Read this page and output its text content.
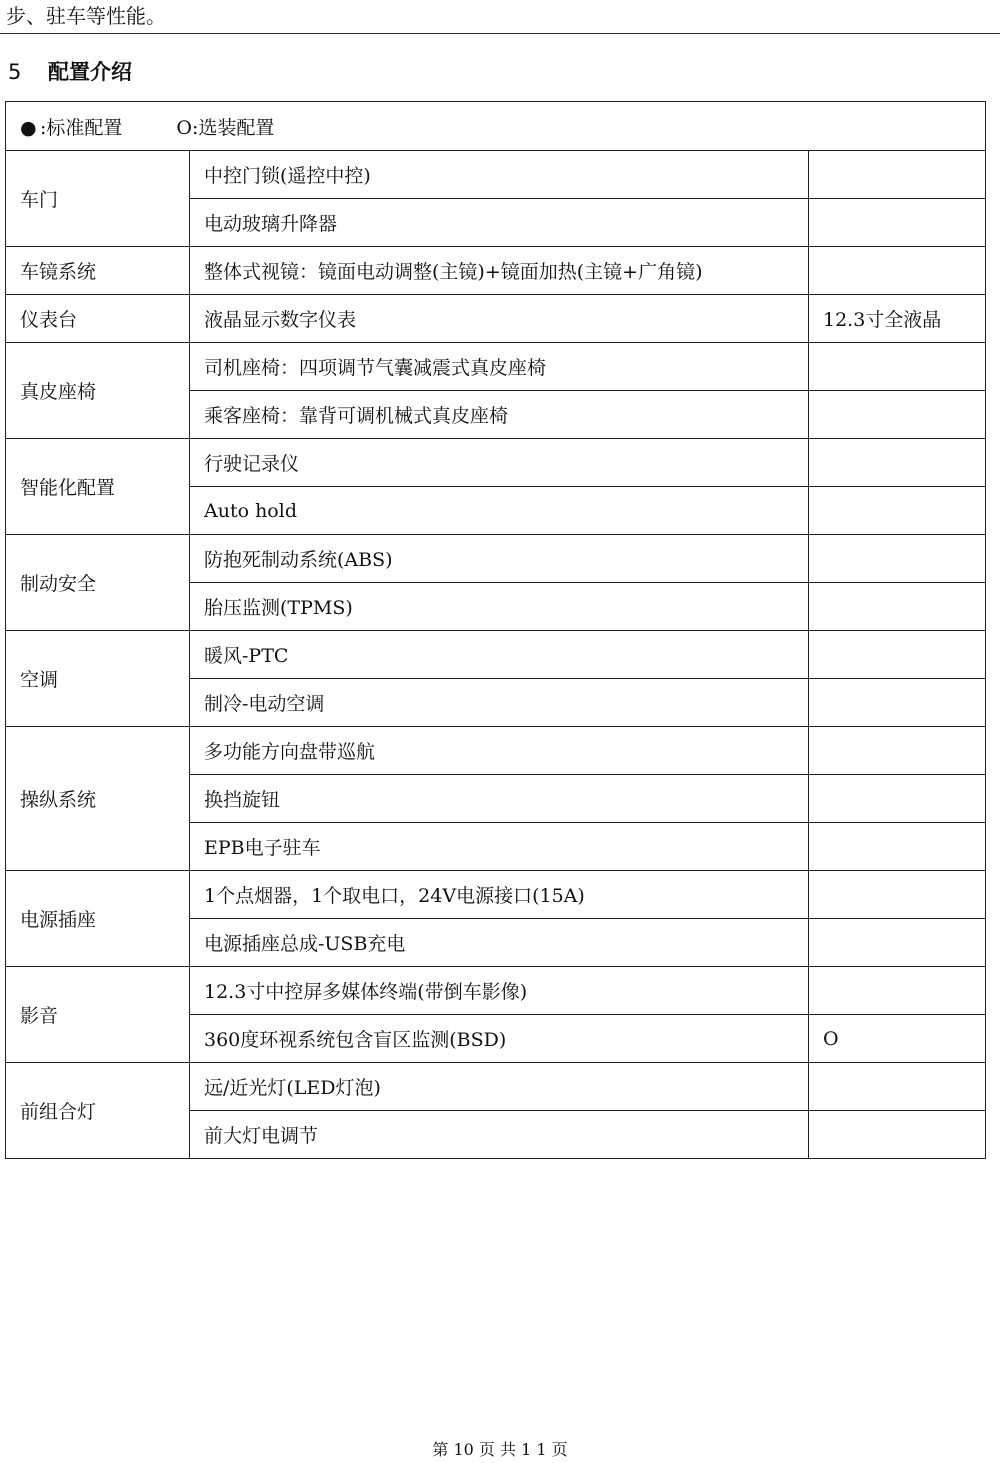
步、驻车等性能。
5 配置介绍
● :标准配置 O:选装配置		
车门	中控门锁(遥控中控)	
	电动玻璃升降器	
车镜系统	整体式视镜：镜面电动调整(主镜)+镜面加热(主镜+广角镜)	
仪表台	液晶显示数字仪表	12.3寸全液晶
真皮座椅	司机座椅：四项调节气囊减震式真皮座椅	
	乘客座椅：靠背可调机械式真皮座椅	
智能化配置	行驶记录仪	
	Auto hold	
制动安全	防抱死制动系统(ABS)	
	胎压监测(TPMS)	
空调	暖风-PTC	
	制冷-电动空调	
操纵系统	多功能方向盘带巡航	
	换挡旋钮	
	EPB电子驻车	
电源插座	1个点烟器，1个取电口，24V电源接口(15A)	
	电源插座总成-USB充电	
影音	12.3寸中控屏多媒体终端(带倒车影像)	
	360度环视系统包含盲区监测(BSD)	O
前组合灯	远/近光灯(LED灯泡)	
	前大灯电调节	
第 10 页 共 1 1 页
